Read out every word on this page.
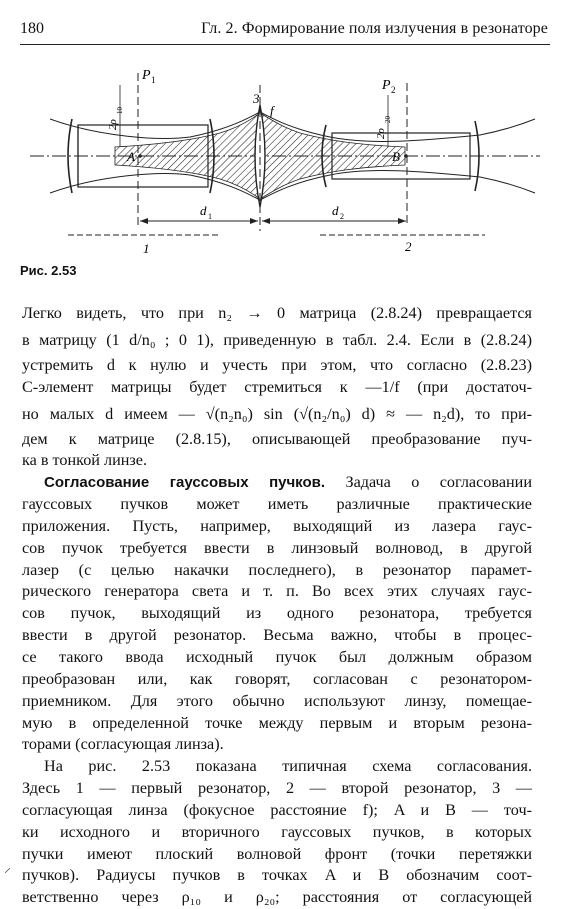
180	Гл. 2. Формирование поля излучения в резонаторе
P 1	P 2
3
f
2ρ
10
2ρ
20
A	B
d 1	d 2
1	2
Рис. 2.53

Легко видеть, что при n₂ → 0 матрица (2.8.24) превращается
в матрицу (1 d/n₀ ; 0 1), приведенную в табл. 2.4. Если в (2.8.24)
устремить d к нулю и учесть при этом, что согласно (2.8.23)
C-элемент матрицы будет стремиться к —1/f (при достаточ-
но малых d имеем — √(n₂n₀) sin (√(n₂/n₀) d) ≈ — n₂d), то при-
дем к матрице (2.8.15), описывающей преобразование пуч-
ка в тонкой линзе.

Согласование гауссовых пучков. Задача о согласовании
гауссовых пучков может иметь различные практические
приложения. Пусть, например, выходящий из лазера гаус-
сов пучок требуется ввести в линзовый волновод, в другой
лазер (с целью накачки последнего), в резонатор парамет-
рического генератора света и т. п. Во всех этих случаях гаус-
сов пучок, выходящий из одного резонатора, требуется
ввести в другой резонатор. Весьма важно, чтобы в процес-
се такого ввода исходный пучок был должным образом
преобразован или, как говорят, согласован с резонатором-
приемником. Для этого обычно используют линзу, помещае-
мую в определенной точке между первым и вторым резона-
торами (согласующая линза).

На рис. 2.53 показана типичная схема согласования.
Здесь 1 — первый резонатор, 2 — второй резонатор, 3 —
согласующая линза (фокусное расстояние f); A и B — точ-
ки исходного и вторичного гауссовых пучков, в которых
пучки имеют плоский волновой фронт (точки перетяжки
пучков). Радиусы пучков в точках A и B обозначим соот-
ветственно через ρ₁₀ и ρ₂₀; расстояния от согласующей

⸝
